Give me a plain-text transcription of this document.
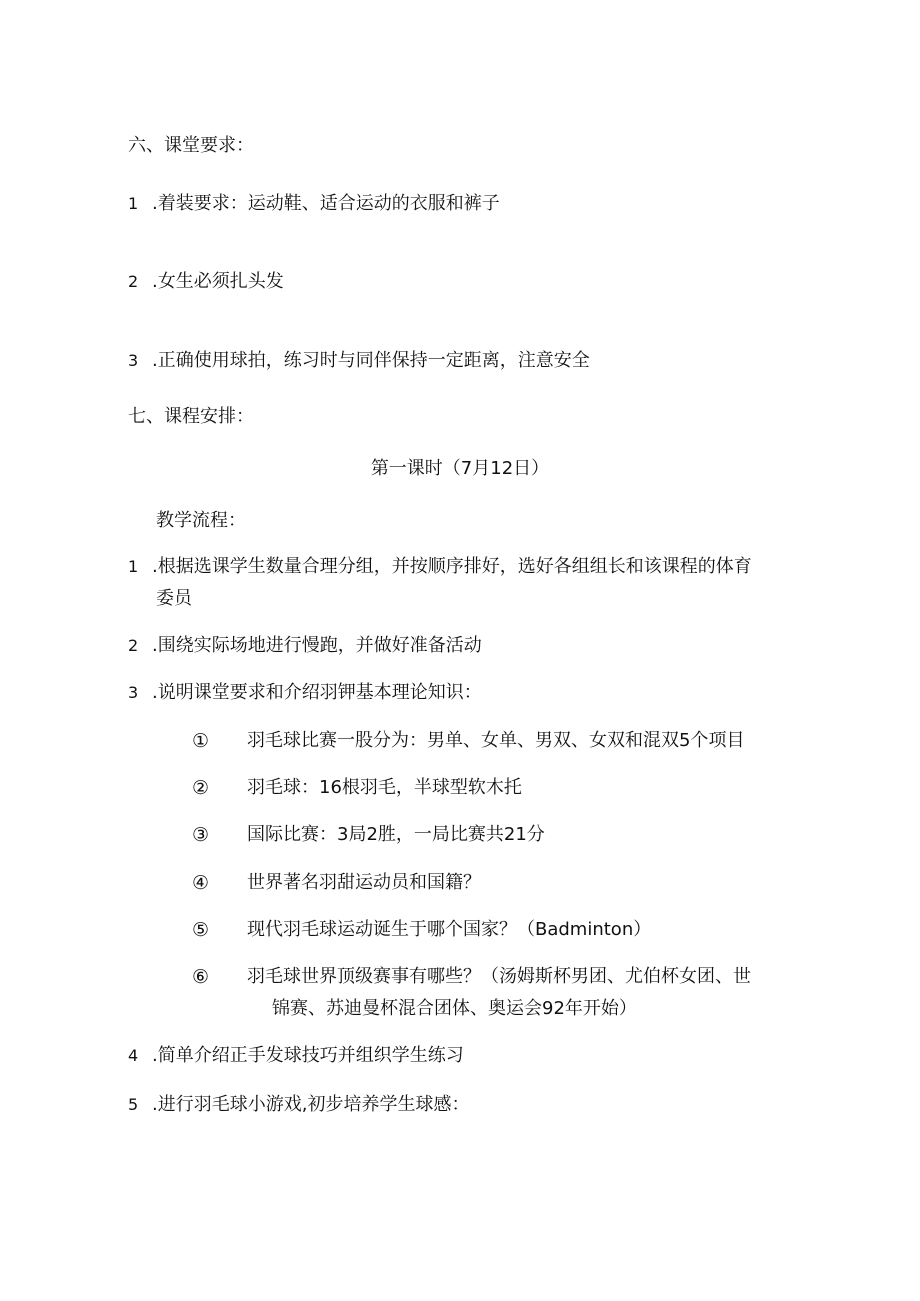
六、课堂要求：
1 .着装要求：运动鞋、适合运动的衣服和裤子
2 .女生必须扎头发
3 .正确使用球拍，练习时与同伴保持一定距离，注意安全
七、课程安排：
第一课时（7月12日）
教学流程：
1 .根据选课学生数量合理分组，并按顺序排好，选好各组组长和该课程的体育
委员
2 .围绕实际场地进行慢跑，并做好准备活动
3 .说明课堂要求和介绍羽钾基本理论知识：
① 羽毛球比赛一股分为：男单、女单、男双、女双和混双5个项目
② 羽毛球：16根羽毛，半球型软木托
③ 国际比赛：3局2胜，一局比赛共21分
④ 世界著名羽甜运动员和国籍？
⑤ 现代羽毛球运动诞生于哪个国家？（Badminton）
⑥ 羽毛球世界顶级赛事有哪些？（汤姆斯杯男团、尤伯杯女团、世
锦赛、苏迪曼杯混合团体、奥运会92年开始）
4 .简单介绍正手发球技巧并组织学生练习
5 .进行羽毛球小游戏,初步培养学生球感：
